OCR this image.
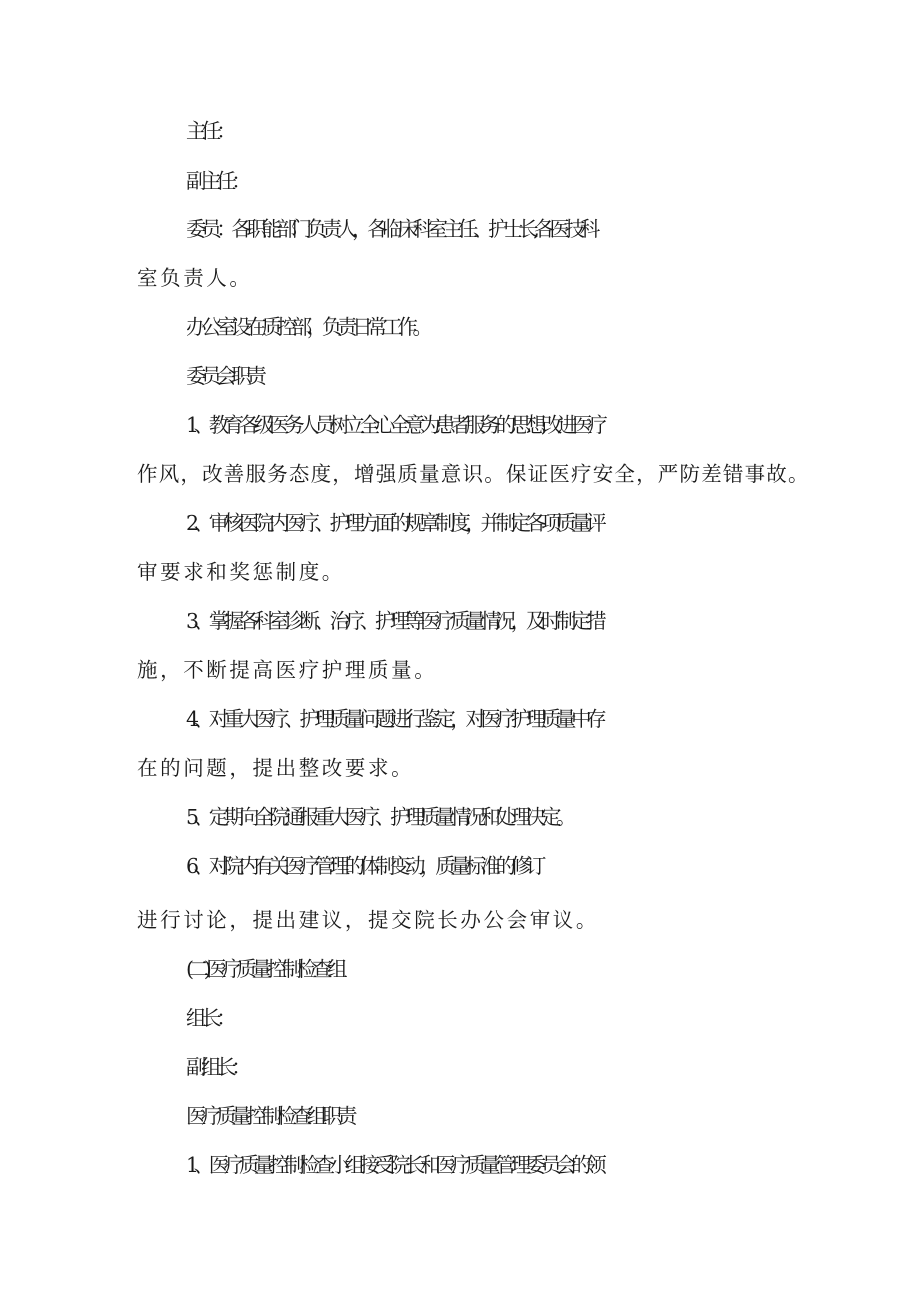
主任：
副主任：
委员：各职能部门负责人，各临床科室主任、护士长,各医技科
室负责人。
办公室设在质控部，负责日常工作。
委员会职责
1、教育各级医务人员树立全心全意为患者服务的思想,改进医疗
作风，改善服务态度，增强质量意识。保证医疗安全，严防差错事故。
2、审核医院内医疗、护理方面的规章制度，并制定各项质量评
审要求和奖惩制度。
3、掌握各科室诊断、治疗、护理等医疗质量情况，及时制定措
施，不断提高医疗护理质量。
4、对重大医疗、护理质量问题进行鉴定，对医疗护理质量中存
在的问题，提出整改要求。
5、定期向全院通报重大医疗、护理质量情况和处理决定。
6、对院内有关医疗管理的体制变动，质量标准的修订
进行讨论，提出建议，提交院长办公会审议。
(二)医疗质量控制检查组
组长：
副组长：
医疗质量控制检查组职责
1、医疗质量控制检查小组接受院长和医疗质量管理委员会的领
